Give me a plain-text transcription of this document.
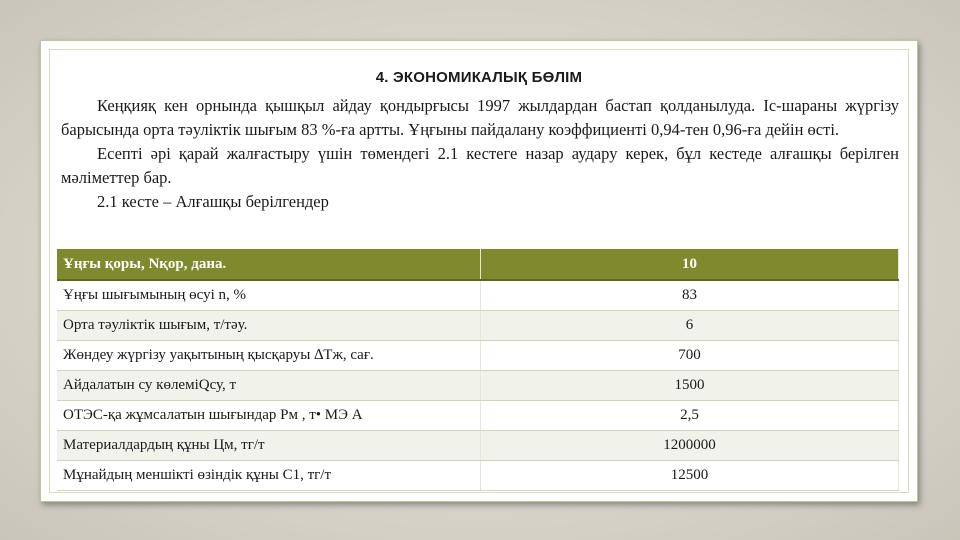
4. ЭКОНОМИКАЛЫҚ БӨЛІМ

Кеңқияқ кен орнында қышқыл айдау қондырғысы 1997 жылдардан бастап қолданылуда. Іс-шараны жүргізу барысында орта тәуліктік шығым 83 %-ға артты. Ұңғыны пайдалану коэффициенті 0,94-тен 0,96-ға дейін өсті.

Есепті әрі қарай жалғастыру үшін төмендегі 2.1 кестеге назар аудару керек, бұл кестеде алғашқы берілген мәліметтер бар.

2.1 кесте – Алғашқы берілгендер

Ұңғы қоры, Nқор, дана.	10
Ұңғы шығымының өсуі n, %	83
Орта тәуліктік шығым, т/тәу.	6
Жөндеу жүргізу уақытының қысқаруы ∆Тж, сағ.	700
Айдалатын су көлеміQсу, т	1500
ОТЭС-қа жұмсалатын шығындар Рм , т• МЭ А	2,5
Материалдардың құны Цм, тг/т	1200000
Мұнайдың меншікті өзіндік құны С1, тг/т	12500
